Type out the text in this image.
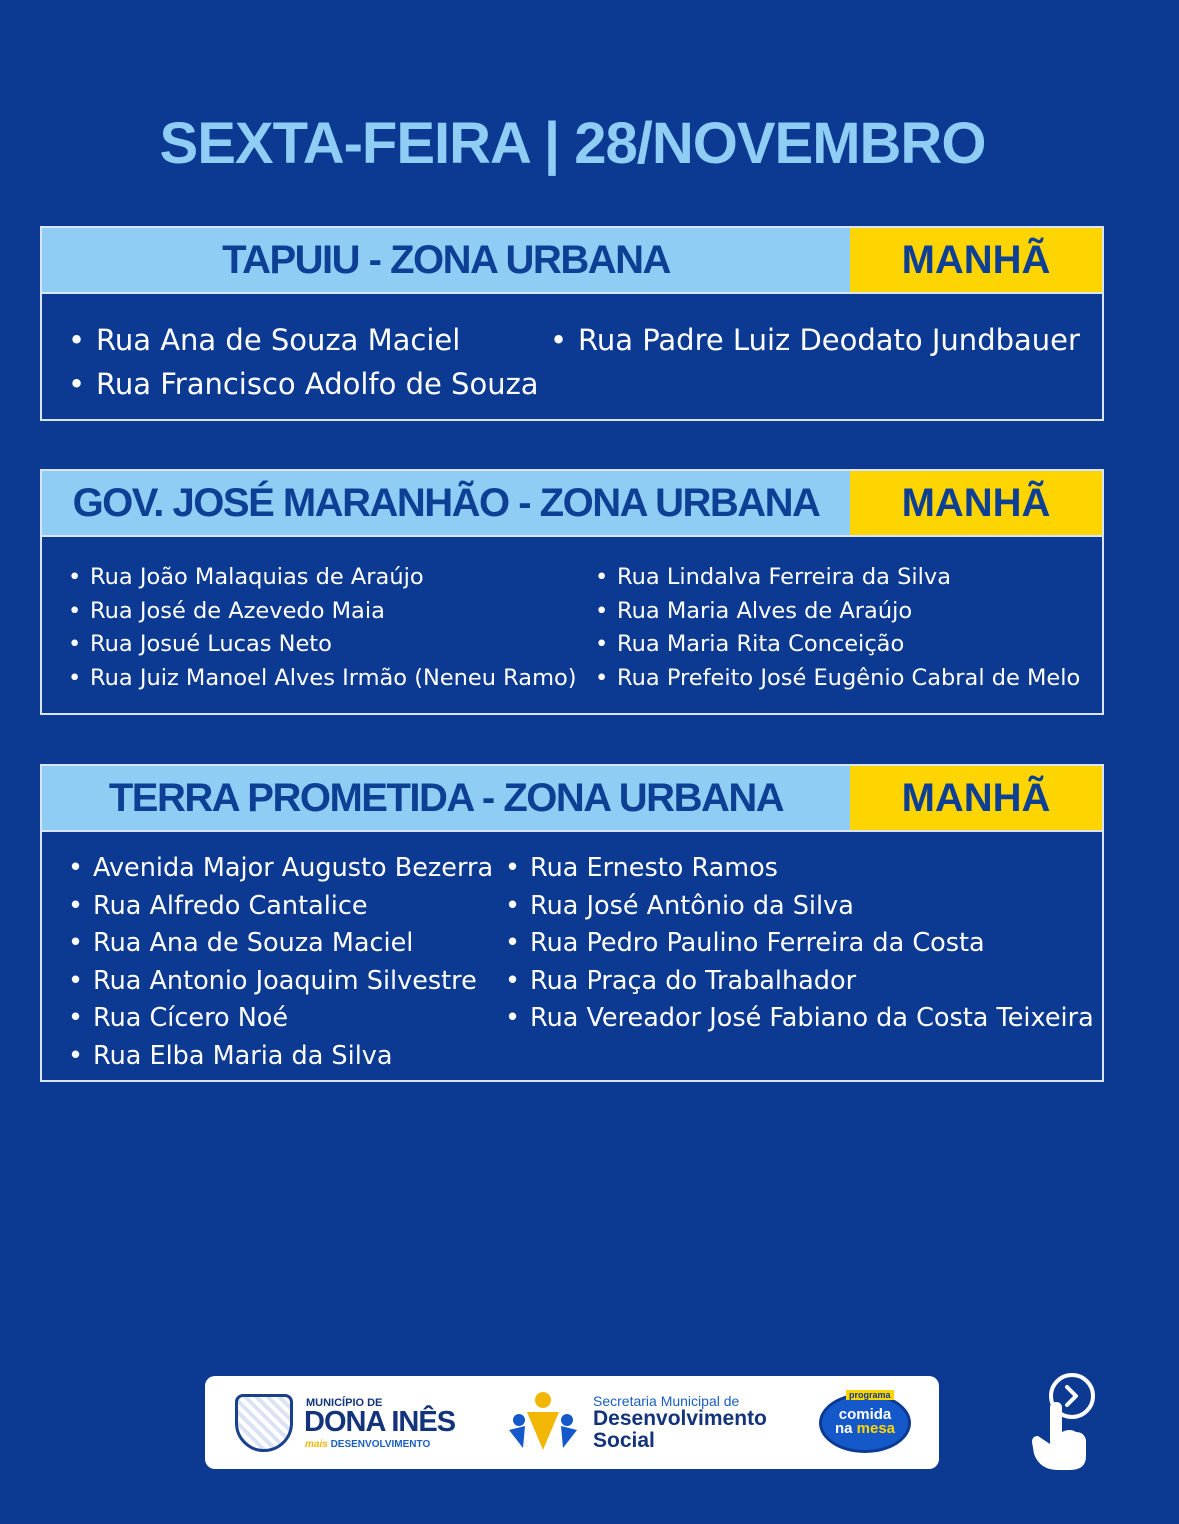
SEXTA-FEIRA | 28/NOVEMBRO
TAPUIU - ZONA URBANA	MANHÃ
• Rua Ana de Souza Maciel
• Rua Francisco Adolfo de Souza
• Rua Padre Luiz Deodato Jundbauer
GOV. JOSÉ MARANHÃO - ZONA URBANA	MANHÃ
• Rua João Malaquias de Araújo
• Rua José de Azevedo Maia
• Rua Josué Lucas Neto
• Rua Juiz Manoel Alves Irmão (Neneu Ramo)
• Rua Lindalva Ferreira da Silva
• Rua Maria Alves de Araújo
• Rua Maria Rita Conceição
• Rua Prefeito José Eugênio Cabral de Melo
TERRA PROMETIDA - ZONA URBANA	MANHÃ
• Avenida Major Augusto Bezerra
• Rua Alfredo Cantalice
• Rua Ana de Souza Maciel
• Rua Antonio Joaquim Silvestre
• Rua Cícero Noé
• Rua Elba Maria da Silva
• Rua Ernesto Ramos
• Rua José Antônio da Silva
• Rua Pedro Paulino Ferreira da Costa
• Rua Praça do Trabalhador
• Rua Vereador José Fabiano da Costa Teixeira
MUNICÍPIO DE
DONA INÊS
mais DESENVOLVIMENTO
Secretaria Municipal de
Desenvolvimento
Social
programa
comida
na mesa
